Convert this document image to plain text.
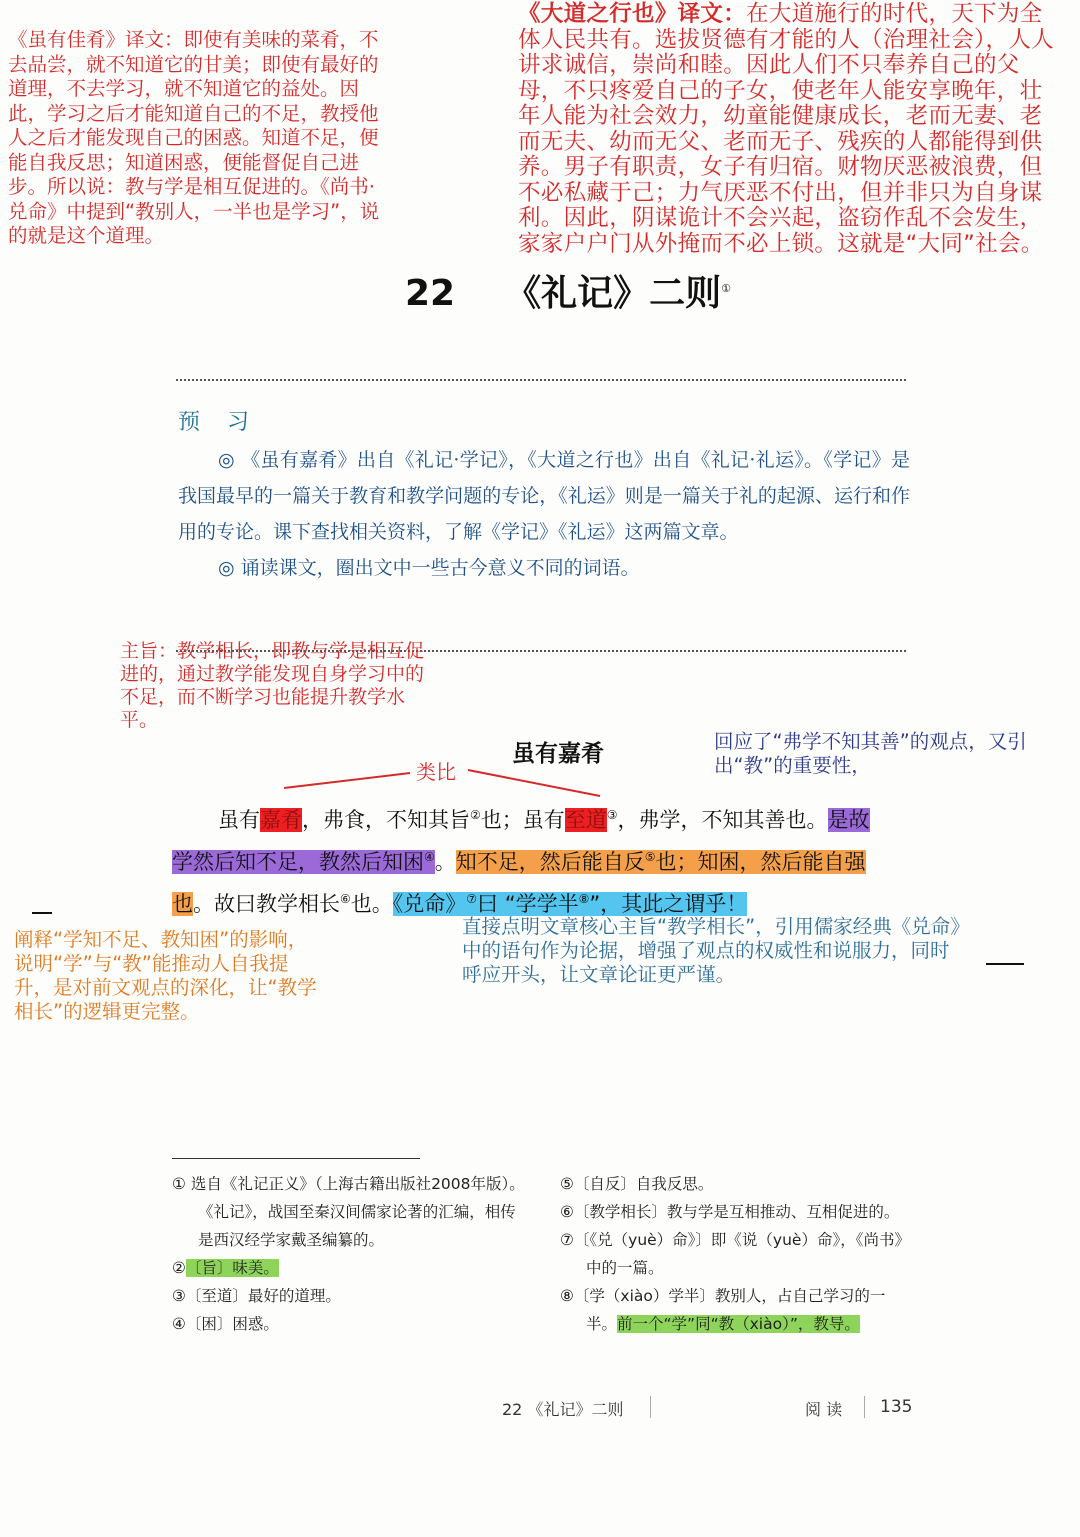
《虽有佳肴》译文：即使有美味的菜肴，不去品尝，就不知道它的甘美；即使有最好的道理，不去学习，就不知道它的益处。因此，学习之后才能知道自己的不足，教授他人之后才能发现自己的困惑。知道不足，便能自我反思；知道困惑，便能督促自己进步。所以说：教与学是相互促进的。《尚书·兑命》中提到“教别人，一半也是学习”，说的就是这个道理。
《大道之行也》译文：在大道施行的时代，天下为全体人民共有。选拔贤德有才能的人（治理社会），人人讲求诚信，崇尚和睦。因此人们不只奉养自己的父母，不只疼爱自己的子女，使老年人能安享晚年，壮年人能为社会效力，幼童能健康成长，老而无妻、老而无夫、幼而无父、老而无子、残疾的人都能得到供养。男子有职责，女子有归宿。财物厌恶被浪费，但不必私藏于己；力气厌恶不付出，但并非只为自身谋利。因此，阴谋诡计不会兴起，盗窃作乱不会发生，家家户户门从外掩而不必上锁。这就是“大同”社会。
22 《礼记》二则①
预 习

◎ 《虽有嘉肴》出自《礼记·学记》，《大道之行也》出自《礼记·礼运》。《学记》是我国最早的一篇关于教育和教学问题的专论，《礼运》则是一篇关于礼的起源、运行和作用的专论。课下查找相关资料，了解《学记》《礼运》这两篇文章。

◎ 诵读课文，圈出文中一些古今意义不同的词语。

主旨：教学相长，即教与学是相互促进的，通过教学能发现自身学习中的不足，而不断学习也能提升教学水平。
虽有嘉肴	回应了“弗学不知其善”的观点，又引出“教”的重要性，
类比
虽有嘉肴，弗食，不知其旨②也；虽有至道③，弗学，不知其善也。是故
学然后知不足，教然后知困④。知不足，然后能自反⑤也；知困，然后能自强
也。故曰教学相长⑥也。《兑命》⑦曰 “学学半⑧”，其此之谓乎！
阐释“学知不足、教知困”的影响，说明“学”与“教”能推动人自我提升，是对前文观点的深化，让“教学相长”的逻辑更完整。
直接点明文章核心主旨“教学相长”，引用儒家经典《兑命》中的语句作为论据，增强了观点的权威性和说服力，同时呼应开头，让文章论证更严谨。
① 选自《礼记正义》（上海古籍出版社2008年版）。《礼记》，战国至秦汉间儒家论著的汇编，相传是西汉经学家戴圣编纂的。
②〔旨〕味美。
③〔至道〕最好的道理。
④〔困〕困惑。
⑤〔自反〕自我反思。
⑥〔教学相长〕教与学是互相推动、互相促进的。
⑦〔《兑（yuè）命》〕即《说（yuè）命》，《尚书》中的一篇。
⑧〔学（xiào）学半〕教别人，占自己学习的一半。前一个“学”同“教（xiào）”，教导。
22 《礼记》二则	阅 读 135
